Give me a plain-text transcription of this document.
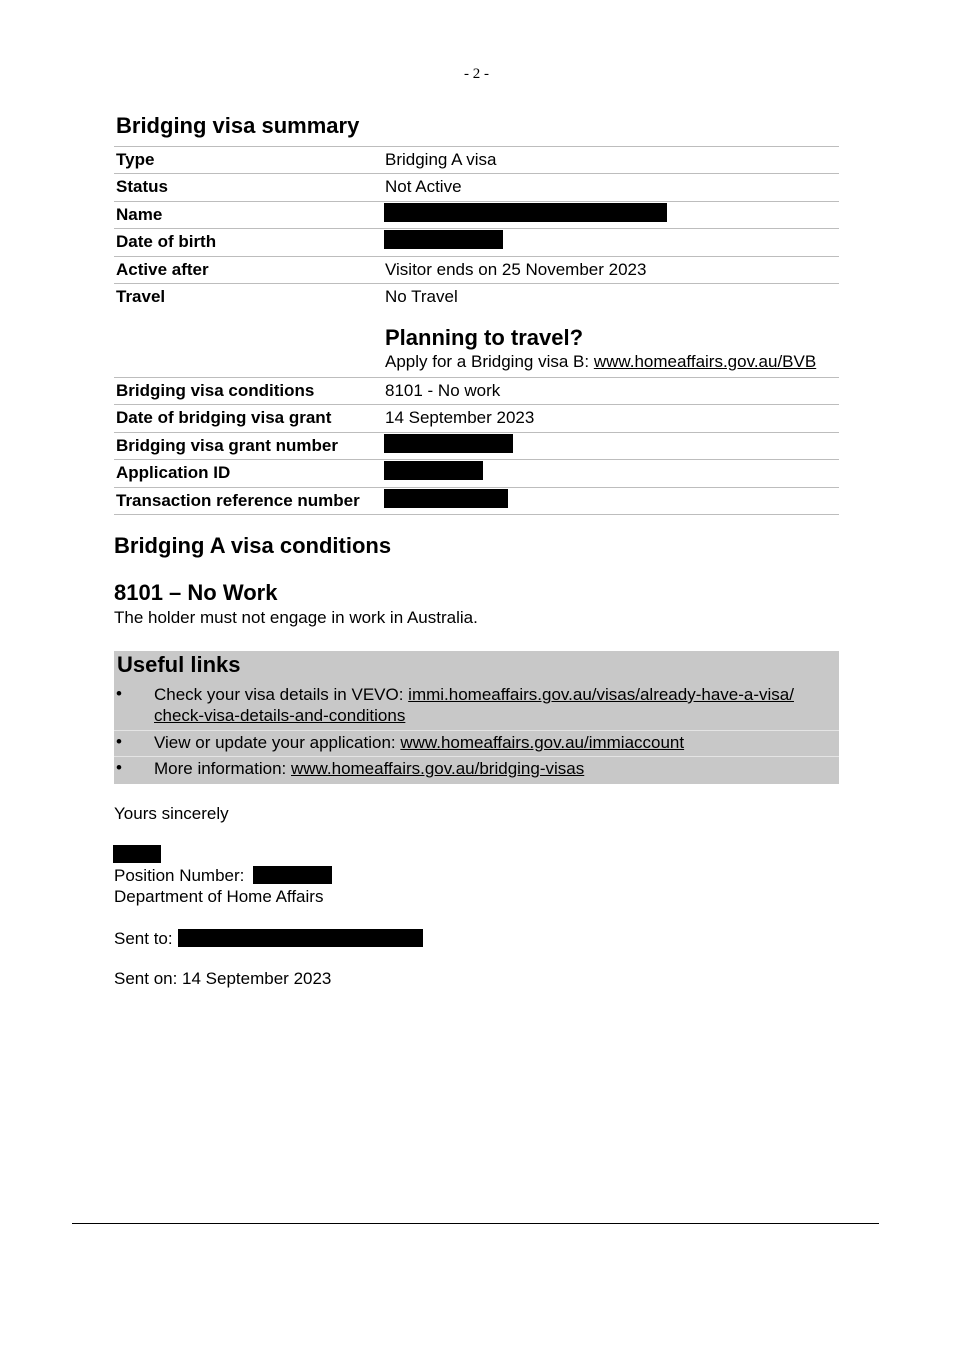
- 2 -
Bridging visa summary
Type	Bridging A visa
Status	Not Active
Name
Date of birth
Active after	Visitor ends on 25 November 2023
Travel	No Travel
Planning to travel?
Apply for a Bridging visa B: www.homeaffairs.gov.au/BVB
Bridging visa conditions	8101 - No work
Date of bridging visa grant	14 September 2023
Bridging visa grant number
Application ID
Transaction reference number
Bridging A visa conditions
8101 – No Work
The holder must not engage in work in Australia.
Useful links
• Check your visa details in VEVO: immi.homeaffairs.gov.au/visas/already-have-a-visa/
check-visa-details-and-conditions
• View or update your application: www.homeaffairs.gov.au/immiaccount
• More information: www.homeaffairs.gov.au/bridging-visas
Yours sincerely
Position Number:
Department of Home Affairs
Sent to:
Sent on: 14 September 2023
